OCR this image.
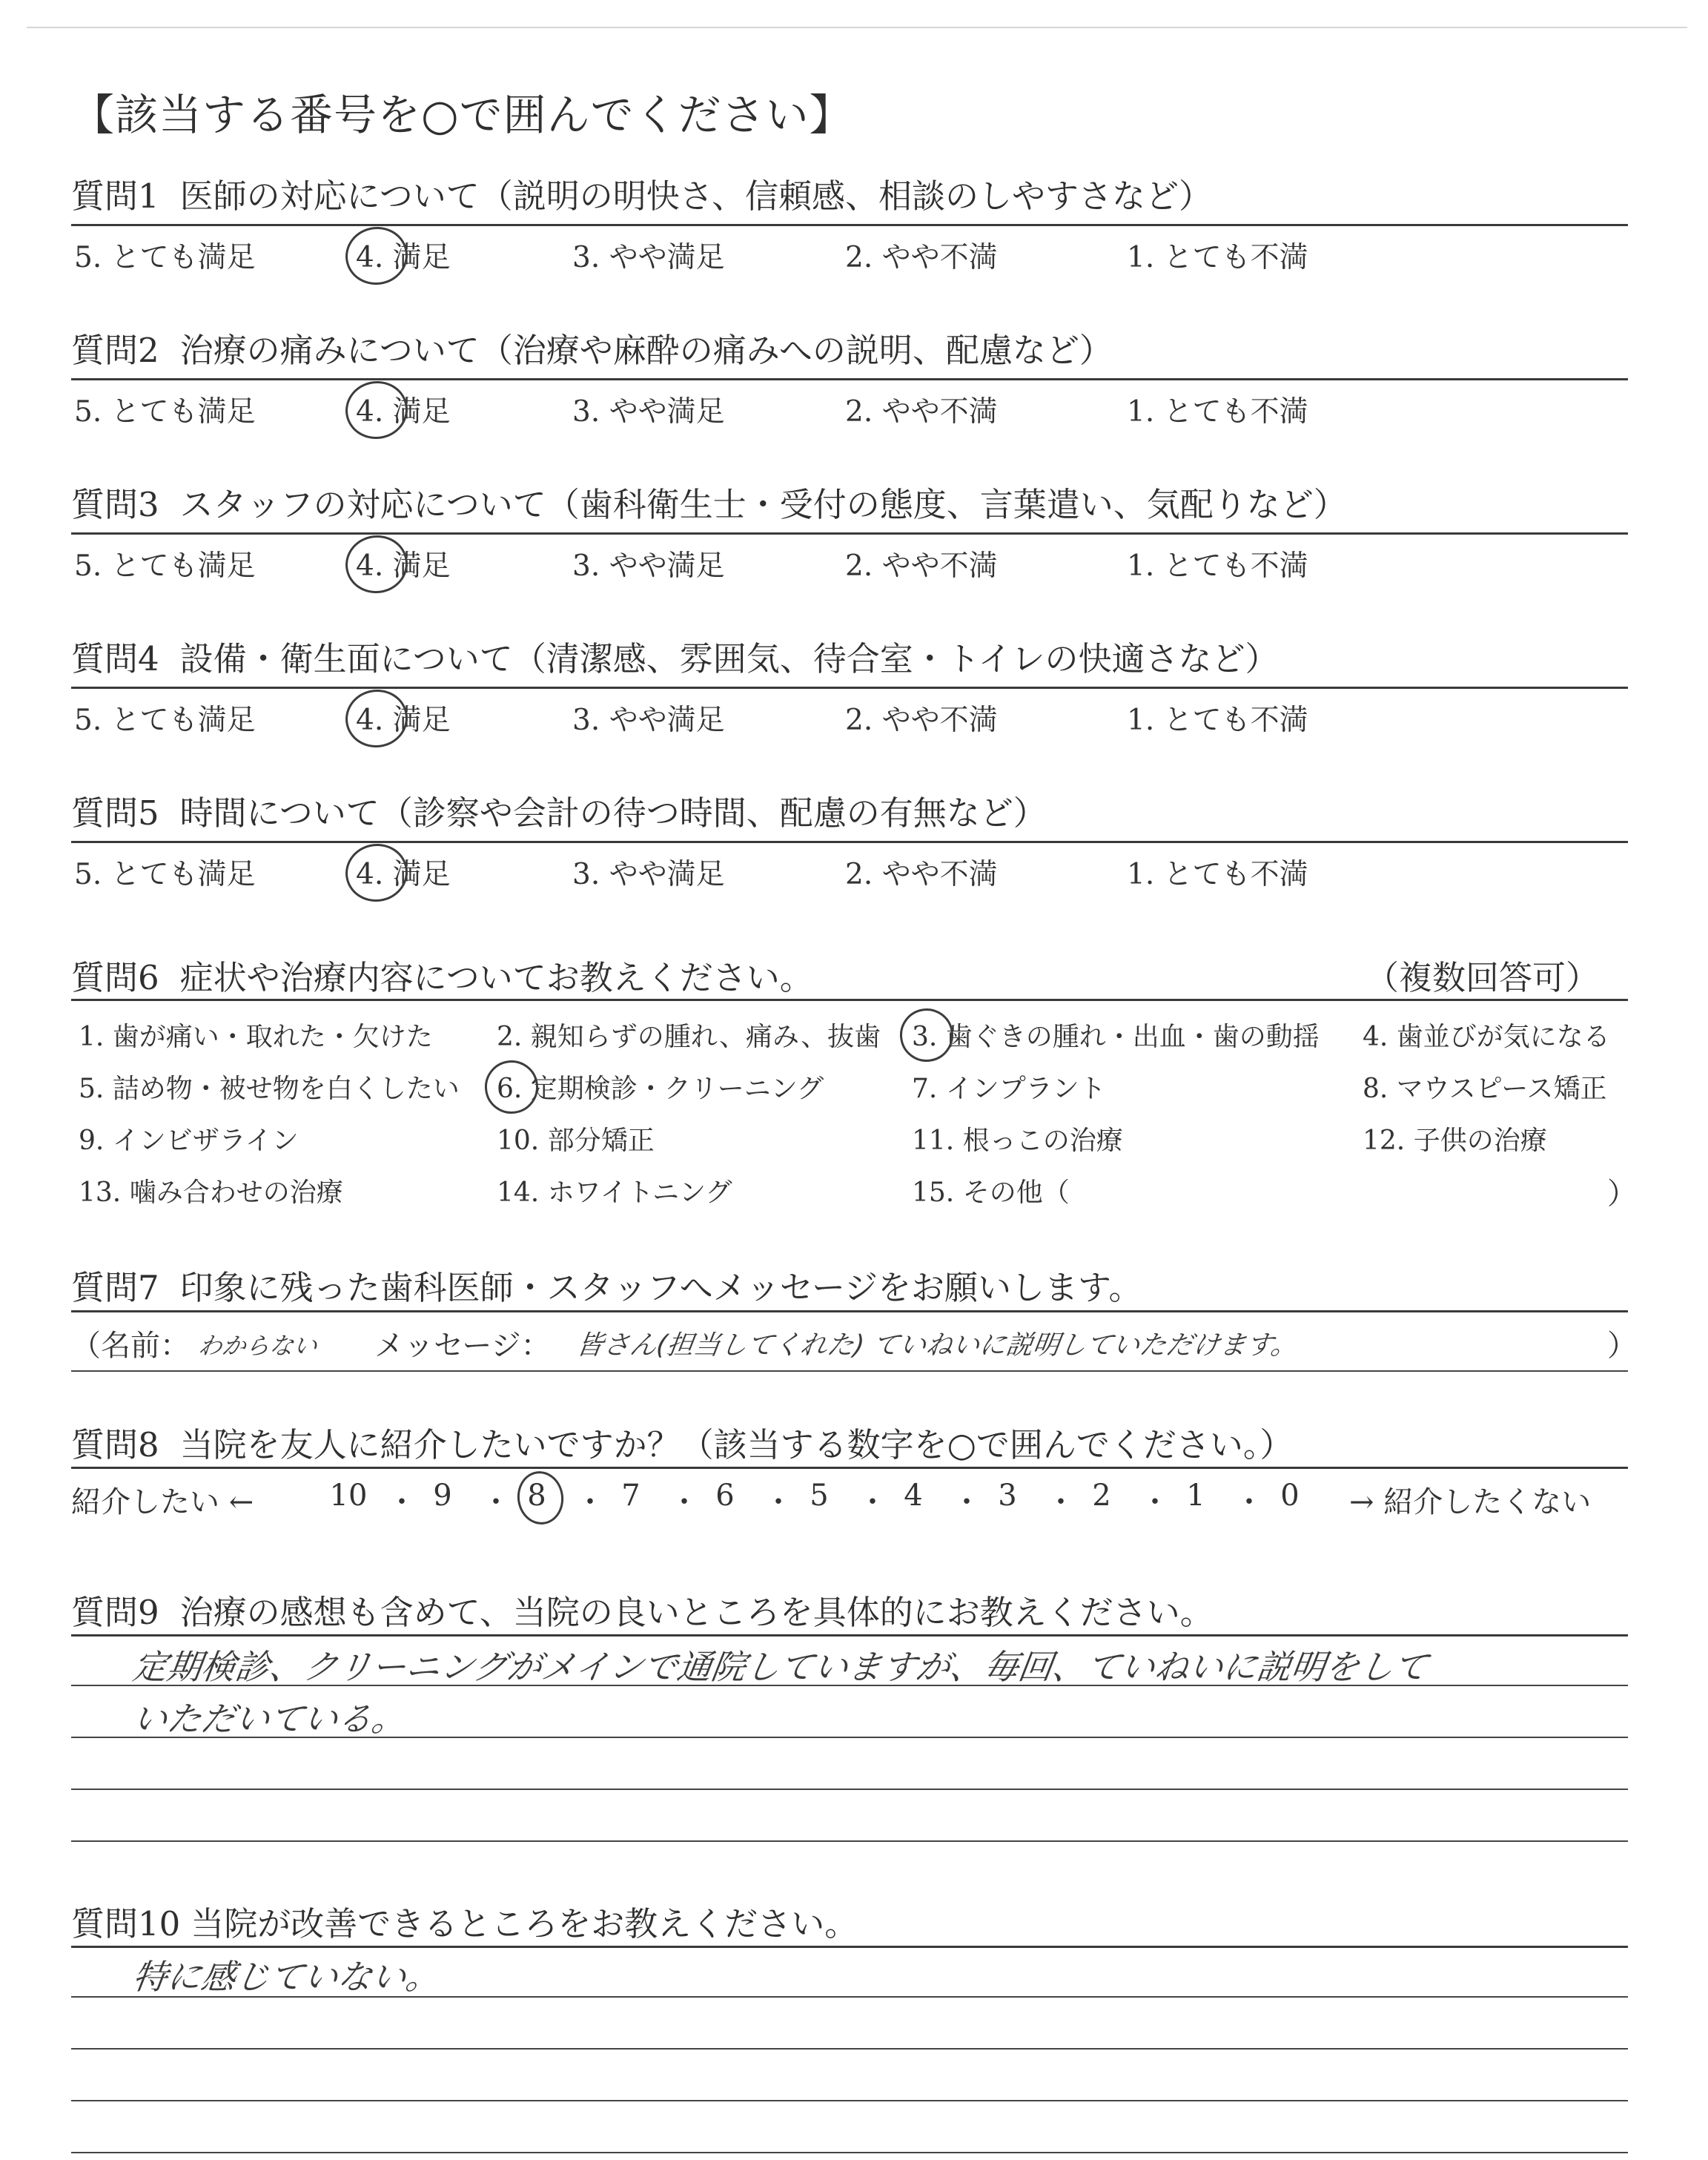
【該当する番号を○で囲んでください】
質問1 医師の対応について（説明の明快さ、信頼感、相談のしやすさなど）
5. とても満足	4. 満足	3. やや満足	2. やや不満	1. とても不満
質問2 治療の痛みについて（治療や麻酔の痛みへの説明、配慮など）
5. とても満足	4. 満足	3. やや満足	2. やや不満	1. とても不満
質問3 スタッフの対応について（歯科衛生士・受付の態度、言葉遣い、気配りなど）
5. とても満足	4. 満足	3. やや満足	2. やや不満	1. とても不満
質問4 設備・衛生面について（清潔感、雰囲気、待合室・トイレの快適さなど）
5. とても満足	4. 満足	3. やや満足	2. やや不満	1. とても不満
質問5 時間について（診察や会計の待つ時間、配慮の有無など）
5. とても満足	4. 満足	3. やや満足	2. やや不満	1. とても不満
質問6 症状や治療内容についてお教えください。	（複数回答可）
1. 歯が痛い・取れた・欠けた 2. 親知らずの腫れ、痛み、抜歯 3. 歯ぐきの腫れ・出血・歯の動揺 4. 歯並びが気になる
5. 詰め物・被せ物を白くしたい 6. 定期検診・クリーニング	7. インプラント	8. マウスピース矯正
9. インビザライン	10. 部分矯正	11. 根っこの治療	12. 子供の治療
13. 噛み合わせの治療	14. ホワイトニング	15. その他（	）
質問7 印象に残った歯科医師・スタッフへメッセージをお願いします。
（名前： わからない メッセージ： 皆さん(担当してくれた) ていねいに説明していただけます。	）
質問8 当院を友人に紹介したいですか？（該当する数字を○で囲んでください。）
紹介したい ←	10 ・ 9 ・ 8 ・ 7 ・ 6 ・ 5 ・ 4 ・ 3 ・ 2 ・ 1 ・ 0	→ 紹介したくない
質問9 治療の感想も含めて、当院の良いところを具体的にお教えください。
定期検診、クリーニングがメインで通院していますが、毎回、ていねいに説明をして
いただいている。
質問10 当院が改善できるところをお教えください。
特に感じていない。
